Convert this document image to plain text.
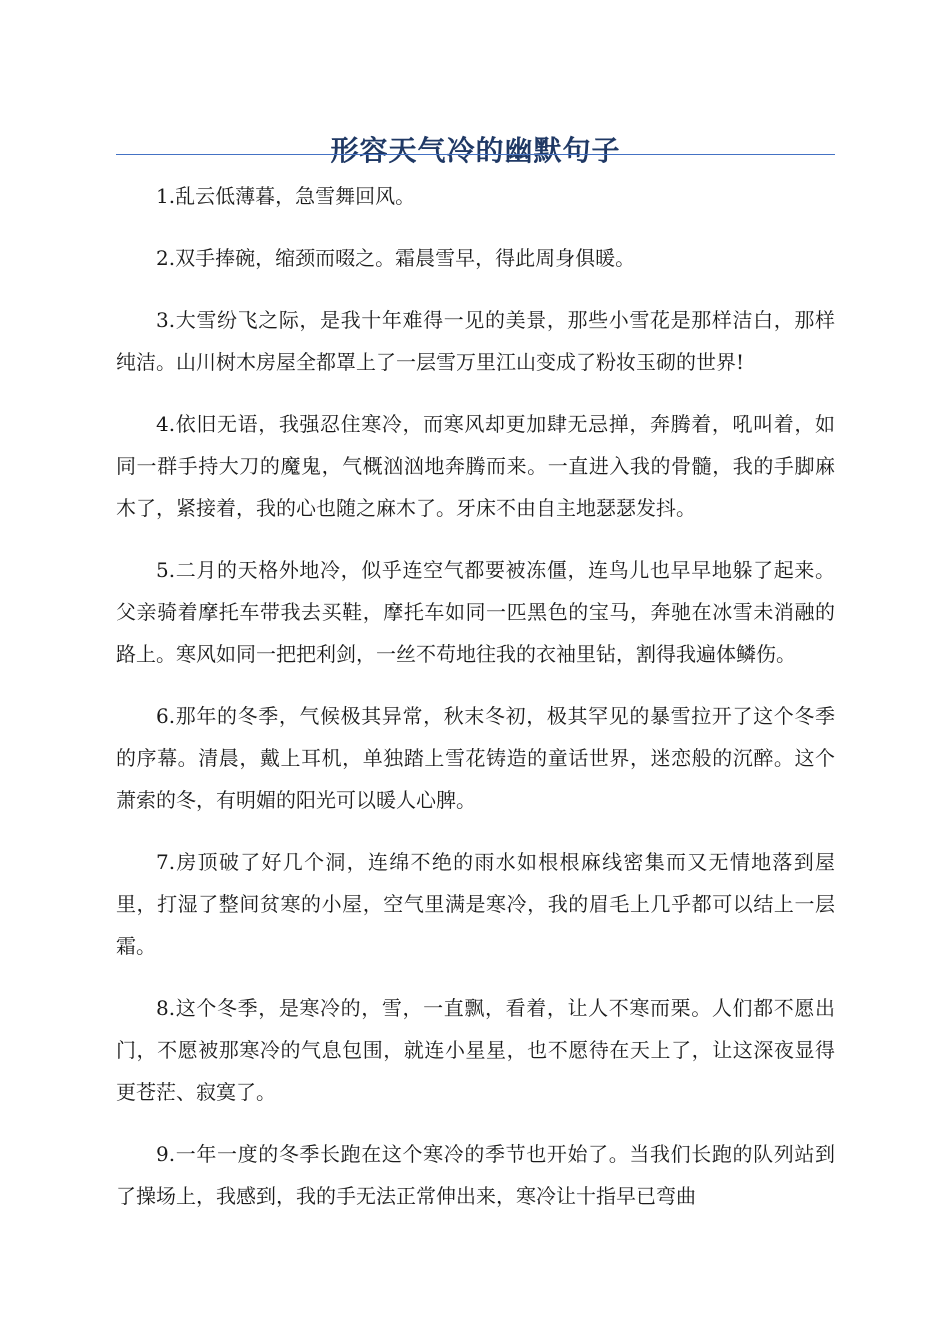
形容天气冷的幽默句子

1.乱云低薄暮，急雪舞回风。

2.双手捧碗，缩颈而啜之。霜晨雪早，得此周身俱暖。

3.大雪纷飞之际，是我十年难得一见的美景，那些小雪花是那样洁白，那样纯洁。山川树木房屋全都罩上了一层雪万里江山变成了粉妆玉砌的世界!

4.依旧无语，我强忍住寒冷，而寒风却更加肆无忌掸，奔腾着，吼叫着，如同一群手持大刀的魔鬼，气概汹汹地奔腾而来。一直进入我的骨髓，我的手脚麻木了，紧接着，我的心也随之麻木了。牙床不由自主地瑟瑟发抖。

5.二月的天格外地冷，似乎连空气都要被冻僵，连鸟儿也早早地躲了起来。父亲骑着摩托车带我去买鞋，摩托车如同一匹黑色的宝马，奔驰在冰雪未消融的路上。寒风如同一把把利剑，一丝不苟地往我的衣袖里钻，割得我遍体鳞伤。

6.那年的冬季，气候极其异常，秋末冬初，极其罕见的暴雪拉开了这个冬季的序幕。清晨，戴上耳机，单独踏上雪花铸造的童话世界，迷恋般的沉醉。这个萧索的冬，有明媚的阳光可以暖人心脾。

7.房顶破了好几个洞，连绵不绝的雨水如根根麻线密集而又无情地落到屋里，打湿了整间贫寒的小屋，空气里满是寒冷，我的眉毛上几乎都可以结上一层霜。

8.这个冬季，是寒冷的，雪，一直飘，看着，让人不寒而栗。人们都不愿出门，不愿被那寒冷的气息包围，就连小星星，也不愿待在天上了，让这深夜显得更苍茫、寂寞了。

9.一年一度的冬季长跑在这个寒冷的季节也开始了。当我们长跑的队列站到了操场上，我感到，我的手无法正常伸出来，寒冷让十指早已弯曲
